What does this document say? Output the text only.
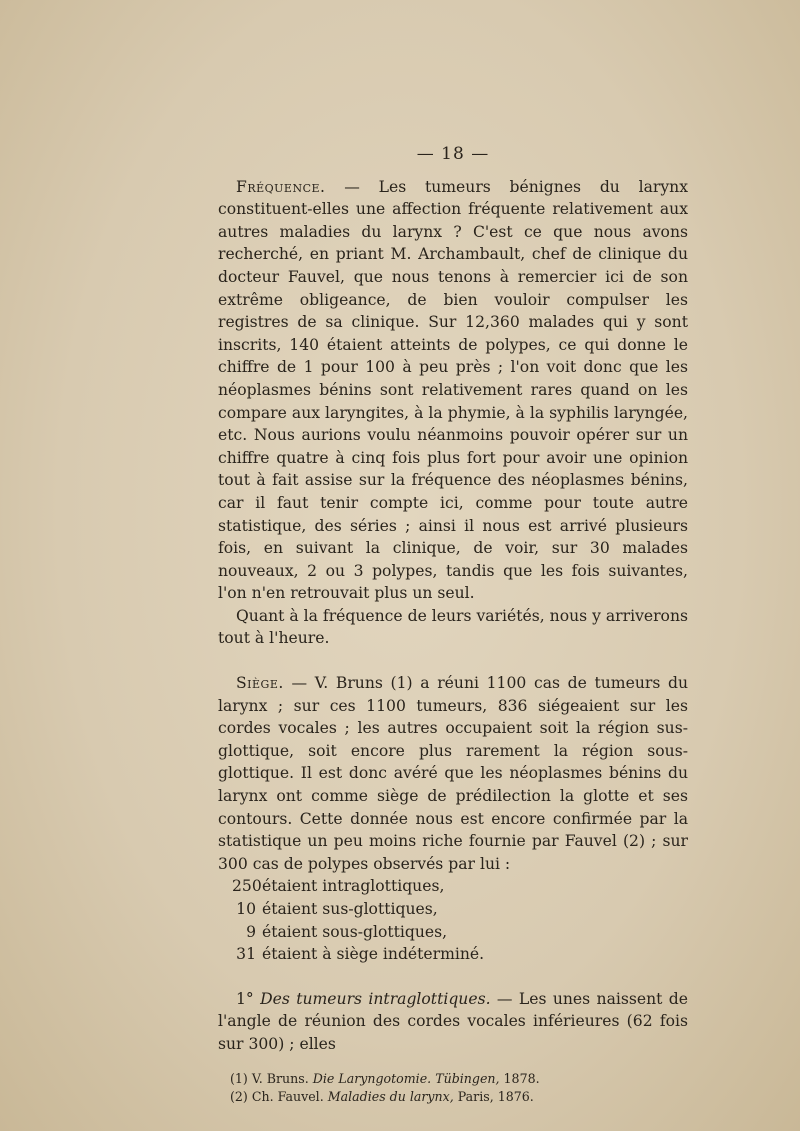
— 18 —

Fréquence. — Les tumeurs bénignes du larynx constituent-elles une affection fréquente relativement aux autres maladies du larynx ? C'est ce que nous avons recherché, en priant M. Archambault, chef de clinique du docteur Fauvel, que nous tenons à remercier ici de son extrême obligeance, de bien vouloir compulser les registres de sa clinique. Sur 12,360 malades qui y sont inscrits, 140 étaient atteints de polypes, ce qui donne le chiffre de 1 pour 100 à peu près ; l'on voit donc que les néoplasmes bénins sont relativement rares quand on les compare aux laryngites, à la phymie, à la syphilis laryngée, etc. Nous aurions voulu néanmoins pouvoir opérer sur un chiffre quatre à cinq fois plus fort pour avoir une opinion tout à fait assise sur la fréquence des néoplasmes bénins, car il faut tenir compte ici, comme pour toute autre statistique, des séries ; ainsi il nous est arrivé plusieurs fois, en suivant la clinique, de voir, sur 30 malades nouveaux, 2 ou 3 polypes, tandis que les fois suivantes, l'on n'en retrouvait plus un seul.

Quant à la fréquence de leurs variétés, nous y arriverons tout à l'heure.

Siège. — V. Bruns (1) a réuni 1100 cas de tumeurs du larynx ; sur ces 1100 tumeurs, 836 siégeaient sur les cordes vocales ; les autres occupaient soit la région sus-glottique, soit encore plus rarement la région sous-glottique. Il est donc avéré que les néoplasmes bénins du larynx ont comme siège de prédilection la glotte et ses contours. Cette donnée nous est encore confirmée par la statistique un peu moins riche fournie par Fauvel (2) ; sur 300 cas de polypes observés par lui :

250étaient intraglottiques,
10 étaient sus-glottiques,
9 étaient sous-glottiques,
31 étaient à siège indéterminé.

1° Des tumeurs intraglottiques. — Les unes naissent de l'angle de réunion des cordes vocales inférieures (62 fois sur 300) ; elles

(1) V. Bruns. Die Laryngotomie. Tübingen, 1878.

(2) Ch. Fauvel. Maladies du larynx, Paris, 1876.
